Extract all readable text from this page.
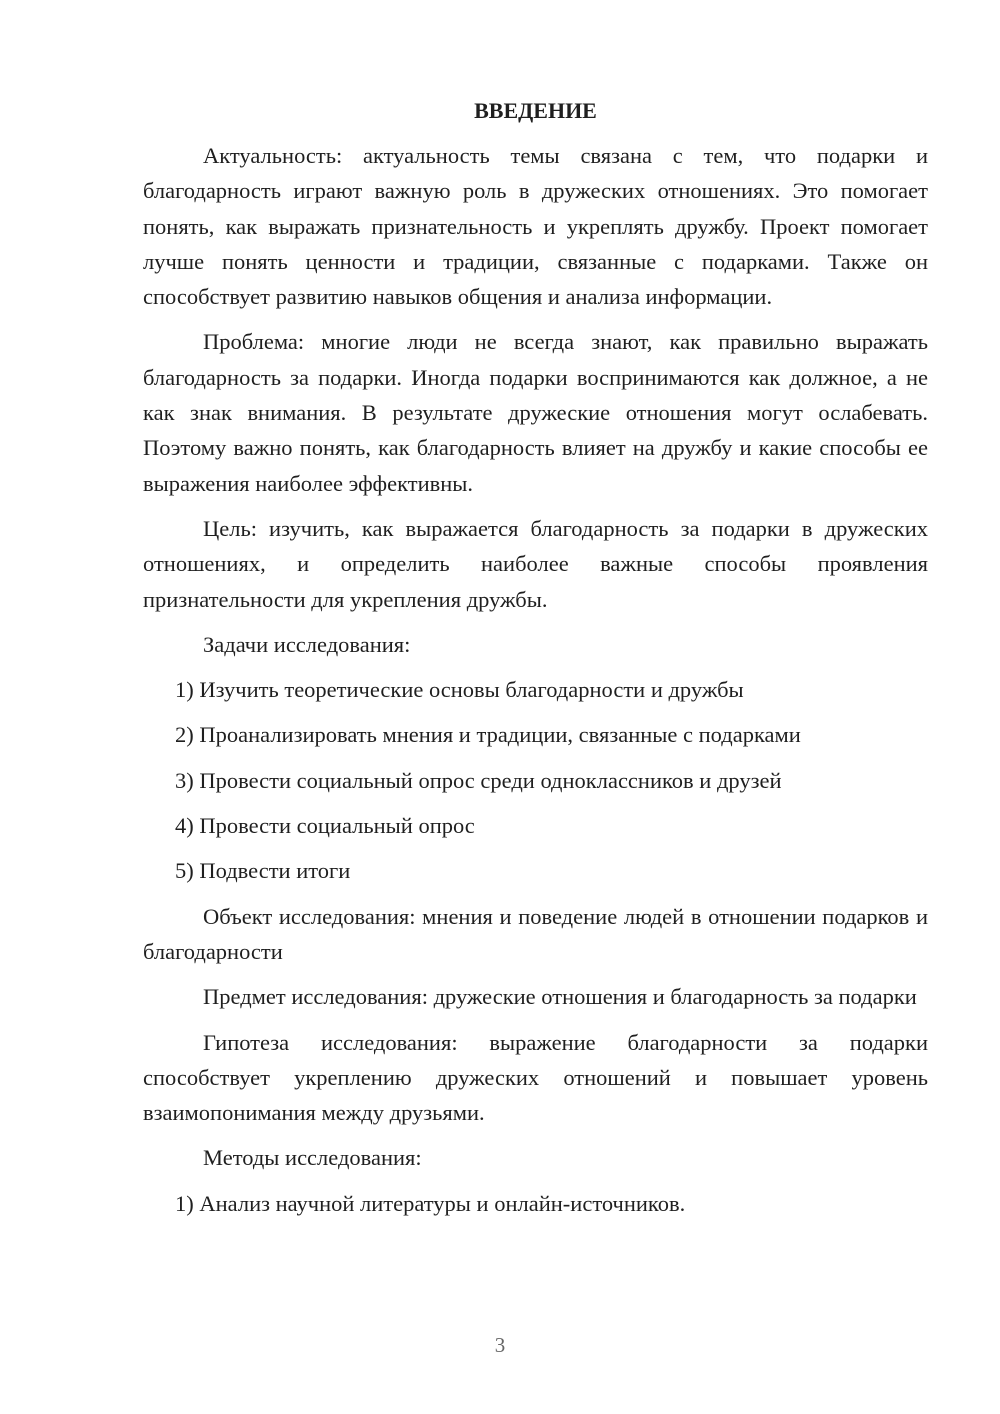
ВВЕДЕНИЕ

Актуальность: актуальность темы связана с тем, что подарки и благодарность играют важную роль в дружеских отношениях. Это помогает понять, как выражать признательность и укреплять дружбу. Проект помогает лучше понять ценности и традиции, связанные с подарками. Также он способствует развитию навыков общения и анализа информации.

Проблема: многие люди не всегда знают, как правильно выражать благодарность за подарки. Иногда подарки воспринимаются как должное, а не как знак внимания. В результате дружеские отношения могут ослабевать. Поэтому важно понять, как благодарность влияет на дружбу и какие способы ее выражения наиболее эффективны.

Цель: изучить, как выражается благодарность за подарки в дружеских отношениях, и определить наиболее важные способы проявления признательности для укрепления дружбы.

Задачи исследования:

1) Изучить теоретические основы благодарности и дружбы

2) Проанализировать мнения и традиции, связанные с подарками

3) Провести социальный опрос среди одноклассников и друзей

4) Провести социальный опрос

5) Подвести итоги

Объект исследования: мнения и поведение людей в отношении подарков и благодарности

Предмет исследования: дружеские отношения и благодарность за подарки

Гипотеза исследования: выражение благодарности за подарки способствует укреплению дружеских отношений и повышает уровень взаимопонимания между друзьями.

Методы исследования:

1) Анализ научной литературы и онлайн-источников.

3
